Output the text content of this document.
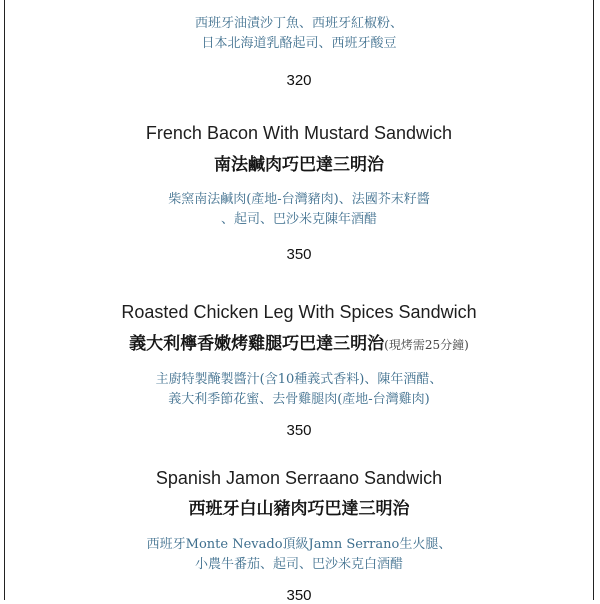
西班牙油漬沙丁魚、西班牙紅椒粉、
日本北海道乳酪起司、西班牙酸豆
320
French Bacon With Mustard Sandwich
南法鹹肉巧巴達三明治
柴窯南法鹹肉(產地-台灣豬肉)、法國芥末籽醬
、起司、巴沙米克陳年酒醋
350
Roasted Chicken Leg With Spices Sandwich
義大利檸香嫩烤雞腿巧巴達三明治(現烤需25分鐘)
主廚特製醃製醬汁(含10種義式香料)、陳年酒醋、
義大利季節花蜜、去骨雞腿肉(產地-台灣雞肉)
350
Spanish Jamon Serraano Sandwich
西班牙白山豬肉巧巴達三明治
西班牙Monte Nevado頂級Jamn Serrano生火腿、
小農牛番茄、起司、巴沙米克白酒醋
350
